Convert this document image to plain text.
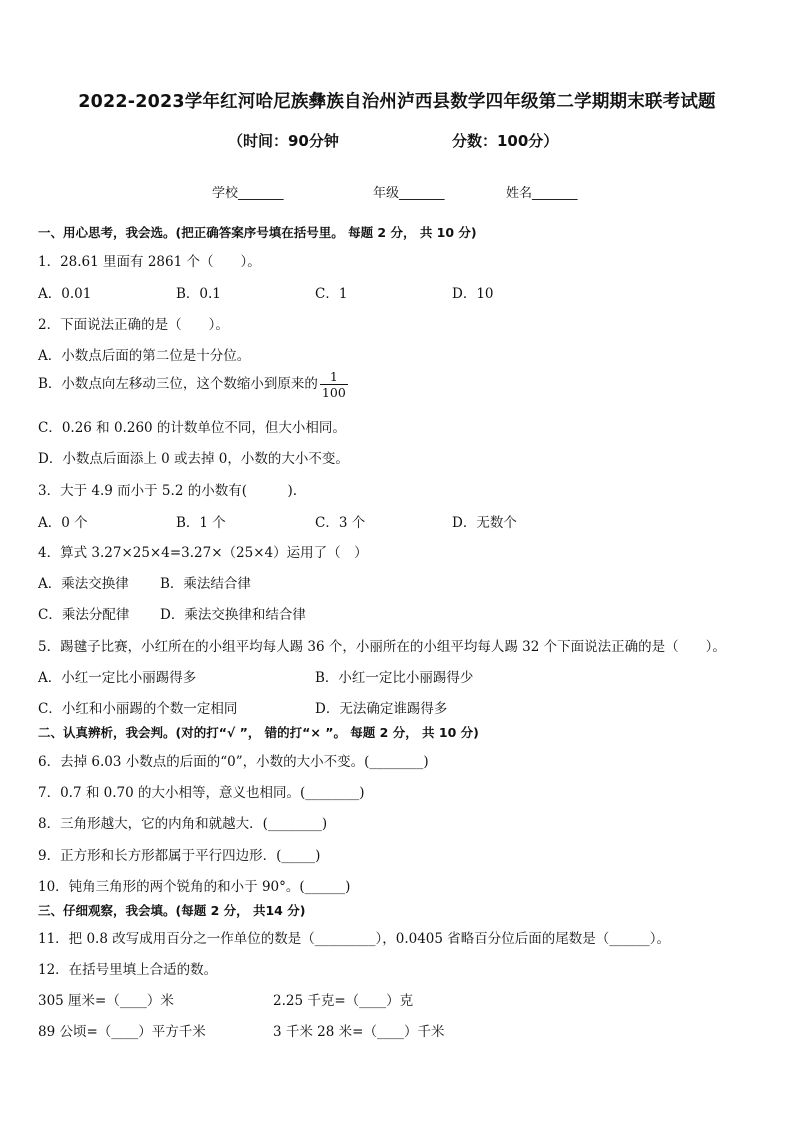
2022-2023学年红河哈尼族彝族自治州泸西县数学四年级第二学期期末联考试题
（时间：90分钟	分数：100分）
学校_______	年级_______	姓名_______
一、用心思考，我会选。(把正确答案序号填在括号里。 每题 2 分， 共 10 分)
1．28.61 里面有 2861 个（　　）。
A．0.01	B．0.1	C．1	D．10
2．下面说法正确的是（　　）。
A．小数点后面的第二位是十分位。
B．小数点向左移动三位，这个数缩小到原来的 $\frac{1}{100}$
C．0.26 和 0.260 的计数单位不同，但大小相同。
D．小数点后面添上 0 或去掉 0，小数的大小不变。
3．大于 4.9 而小于 5.2 的小数有(　　　).
A．0 个	B．1 个	C．3 个	D．无数个
4．算式 3.27×25×4=3.27×（25×4）运用了（　）
A．乘法交换律 B．乘法结合律
C．乘法分配律 D．乘法交换律和结合律
5．踢毽子比赛，小红所在的小组平均每人踢 36 个，小丽所在的小组平均每人踢 32 个下面说法正确的是（　　）。
A．小红一定比小丽踢得多	B．小红一定比小丽踢得少
C．小红和小丽踢的个数一定相同	D．无法确定谁踢得多
二、认真辨析，我会判。(对的打“√ ”， 错的打“× ”。 每题 2 分， 共 10 分)
6．去掉 6.03 小数点的后面的“0”，小数的大小不变。(________)
7．0.7 和 0.70 的大小相等，意义也相同。(________)
8．三角形越大，它的内角和就越大．(________)
9．正方形和长方形都属于平行四边形．(_____)
10．钝角三角形的两个锐角的和小于 90°。(______)
三、仔细观察，我会填。(每题 2 分， 共14 分)
11．把 0.8 改写成用百分之一作单位的数是（_________），0.0405 省略百分位后面的尾数是（______）。
12．在括号里填上合适的数。
305 厘米=（____）米	2.25 千克=（____）克
89 公顷=（____）平方千米	3 千米 28 米=（____）千米
